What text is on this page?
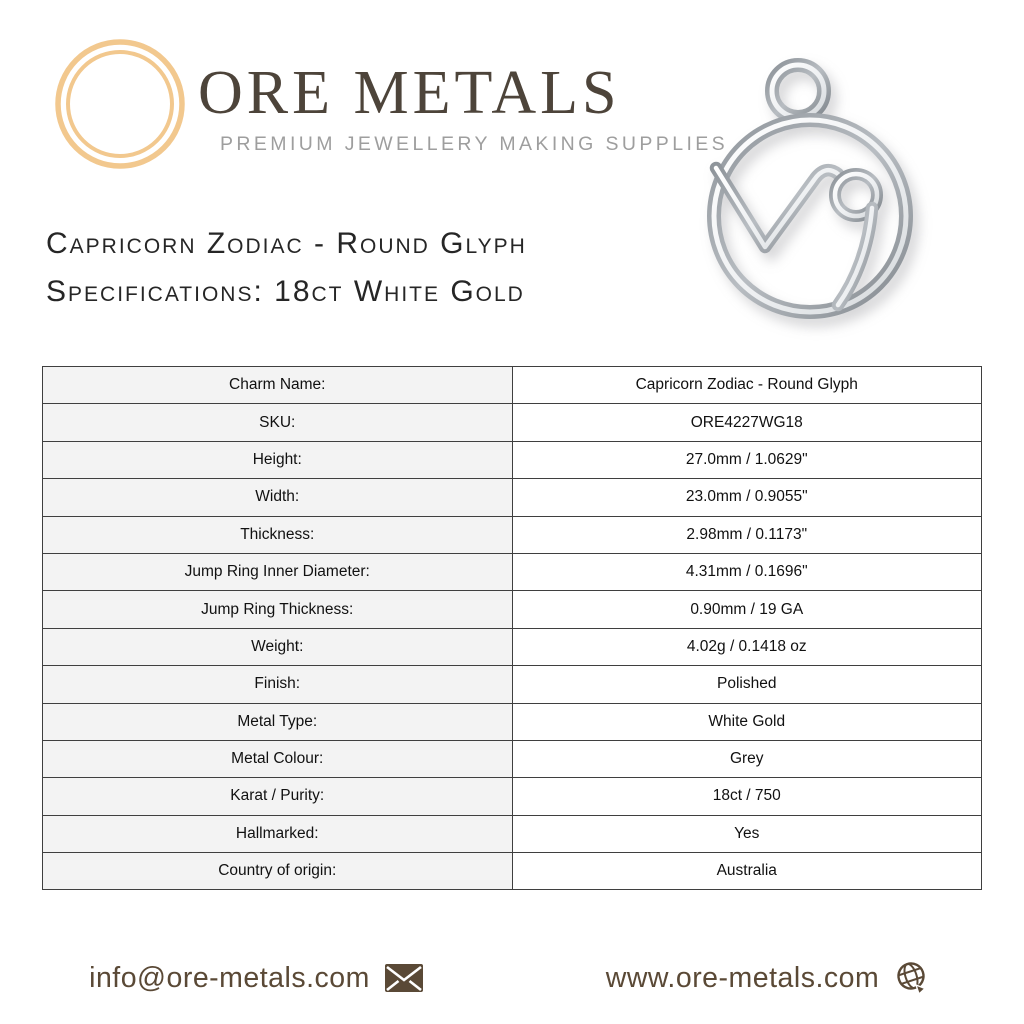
ORE METALS
PREMIUM JEWELLERY MAKING SUPPLIES
Capricorn Zodiac - Round Glyph
Specifications: 18ct White Gold
Charm Name:	Capricorn Zodiac - Round Glyph
SKU:	ORE4227WG18
Height:	27.0mm / 1.0629"
Width:	23.0mm / 0.9055"
Thickness:	2.98mm / 0.1173"
Jump Ring Inner Diameter:	4.31mm / 0.1696"
Jump Ring Thickness:	0.90mm / 19 GA
Weight:	4.02g / 0.1418 oz
Finish:	Polished
Metal Type:	White Gold
Metal Colour:	Grey
Karat / Purity:	18ct / 750
Hallmarked:	Yes
Country of origin:	Australia
info@ore-metals.com	www.ore-metals.com
